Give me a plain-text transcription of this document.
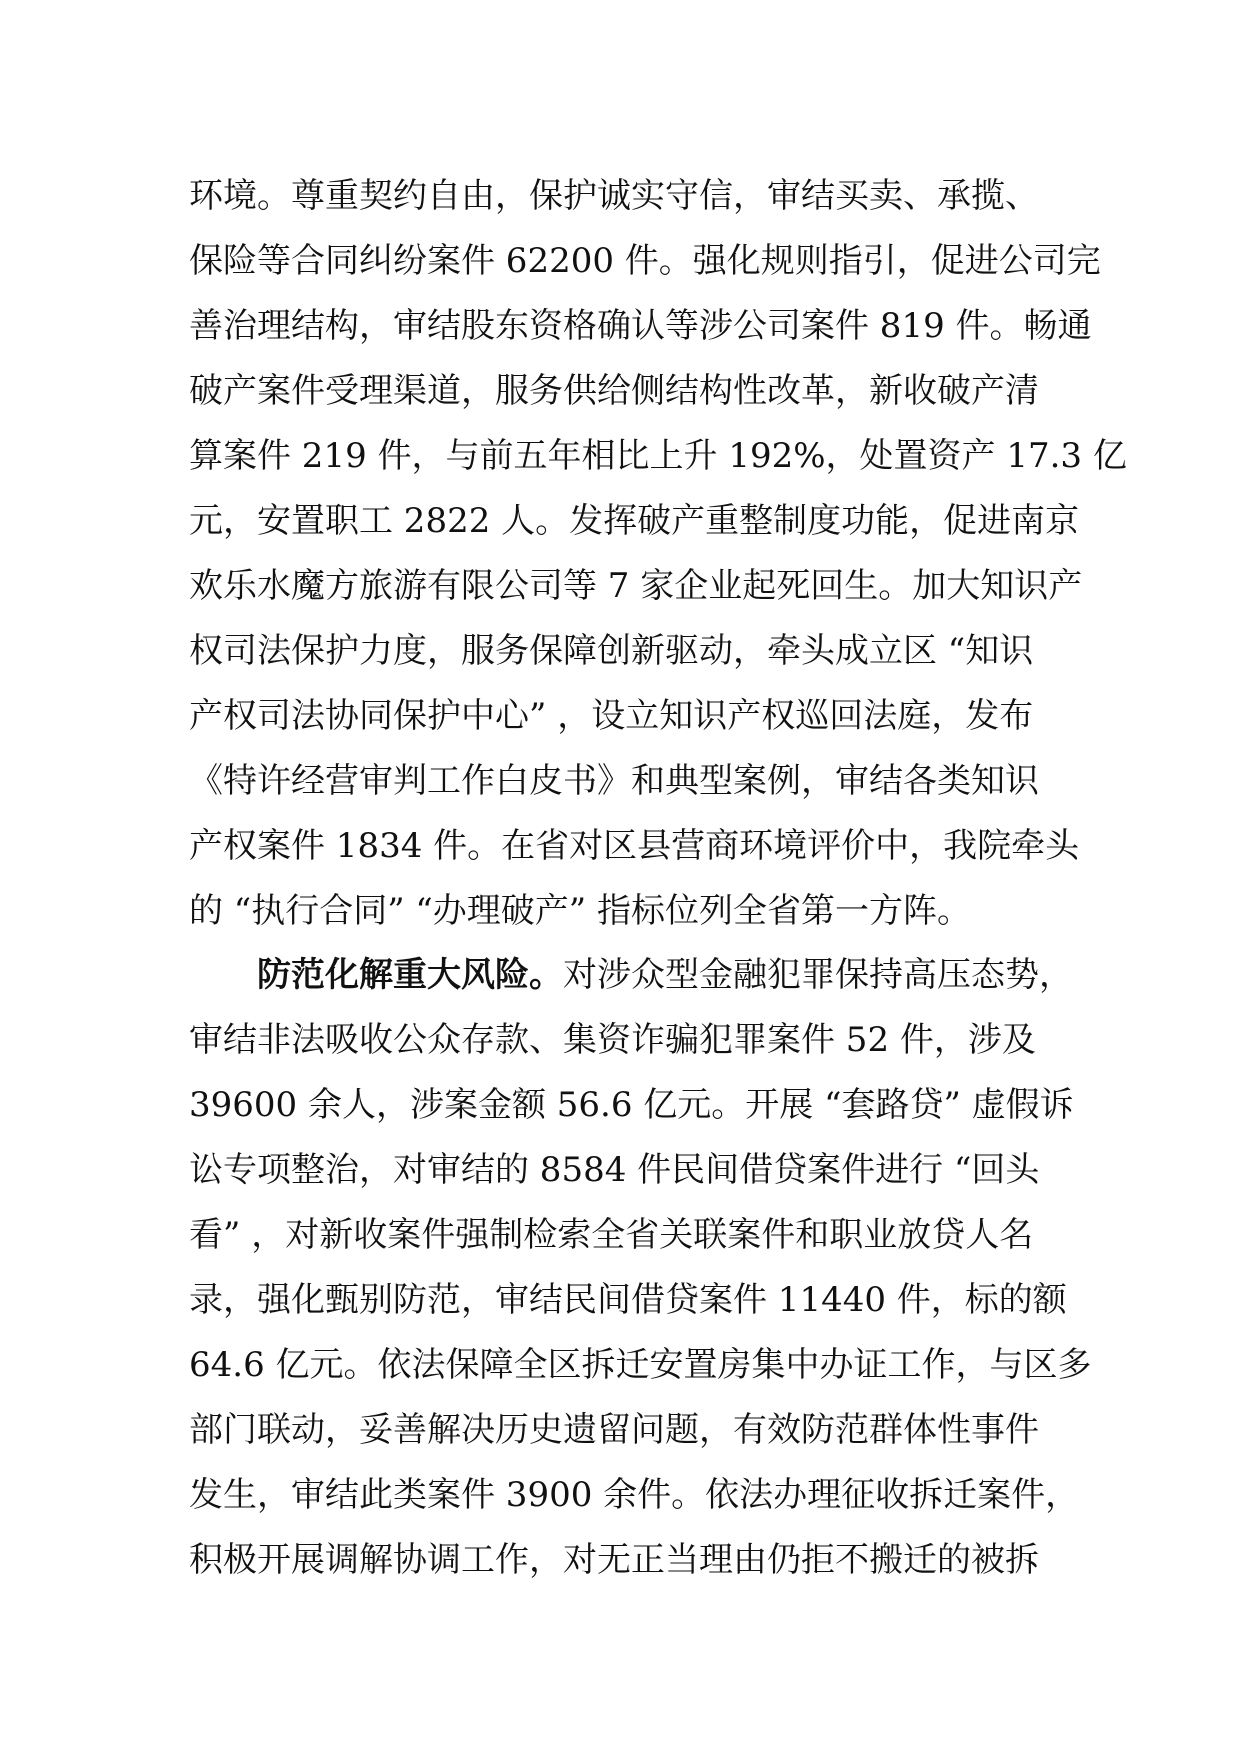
环境。尊重契约自由，保护诚实守信，审结买卖、承揽、
保险等合同纠纷案件 62200 件。强化规则指引，促进公司完
善治理结构，审结股东资格确认等涉公司案件 819 件。畅通
破产案件受理渠道，服务供给侧结构性改革，新收破产清
算案件 219 件，与前五年相比上升 192%，处置资产 17.3 亿
元，安置职工 2822 人。发挥破产重整制度功能，促进南京
欢乐水魔方旅游有限公司等 7 家企业起死回生。加大知识产
权司法保护力度，服务保障创新驱动，牵头成立区 “知识
产权司法协同保护中心” ，设立知识产权巡回法庭，发布
《特许经营审判工作白皮书》和典型案例，审结各类知识
产权案件 1834 件。在省对区县营商环境评价中，我院牵头
的 “执行合同” “办理破产” 指标位列全省第一方阵。
防范化解重大风险。对涉众型金融犯罪保持高压态势，
审结非法吸收公众存款、集资诈骗犯罪案件 52 件，涉及
39600 余人，涉案金额 56.6 亿元。开展 “套路贷” 虚假诉
讼专项整治，对审结的 8584 件民间借贷案件进行 “回头
看” ，对新收案件强制检索全省关联案件和职业放贷人名
录，强化甄别防范，审结民间借贷案件 11440 件，标的额
64.6 亿元。依法保障全区拆迁安置房集中办证工作，与区多
部门联动，妥善解决历史遗留问题，有效防范群体性事件
发生，审结此类案件 3900 余件。依法办理征收拆迁案件，
积极开展调解协调工作，对无正当理由仍拒不搬迁的被拆
